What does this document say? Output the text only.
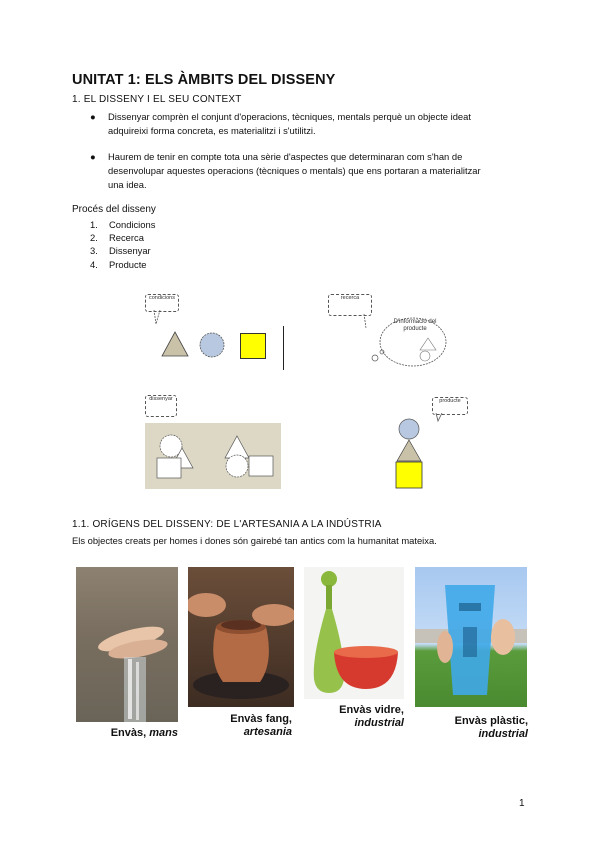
UNITAT 1: ELS ÀMBITS DEL DISSENY
1. EL DISSENY I EL SEU CONTEXT
● Dissenyar comprèn el conjunt d'operacions, tècniques, mentals perquè un objecte ideat
adquireixi forma concreta, es materialitzi i s'utilitzi.
● Haurem de tenir en compte tota una sèrie d'aspectes que determinaran com s'han de
desenvolupar aquestes operacions (tècniques o mentals) que ens portaran a materialitzar
una idea.
Procés del disseny
1. Condicions
2. Recerca
3. Dissenyar
4. Producte
condicions	recerca
D'informació del producte
dissenyar	producte
1.1. ORÍGENS DEL DISSENY: DE L'ARTESANIA A LA INDÚSTRIA
Els objectes creats per homes i dones són gairebé tan antics com la humanitat mateixa.
Envàs, mans
Envàs fang,
artesania
Envàs vidre,
industrial	Envàs plàstic,
industrial
1
